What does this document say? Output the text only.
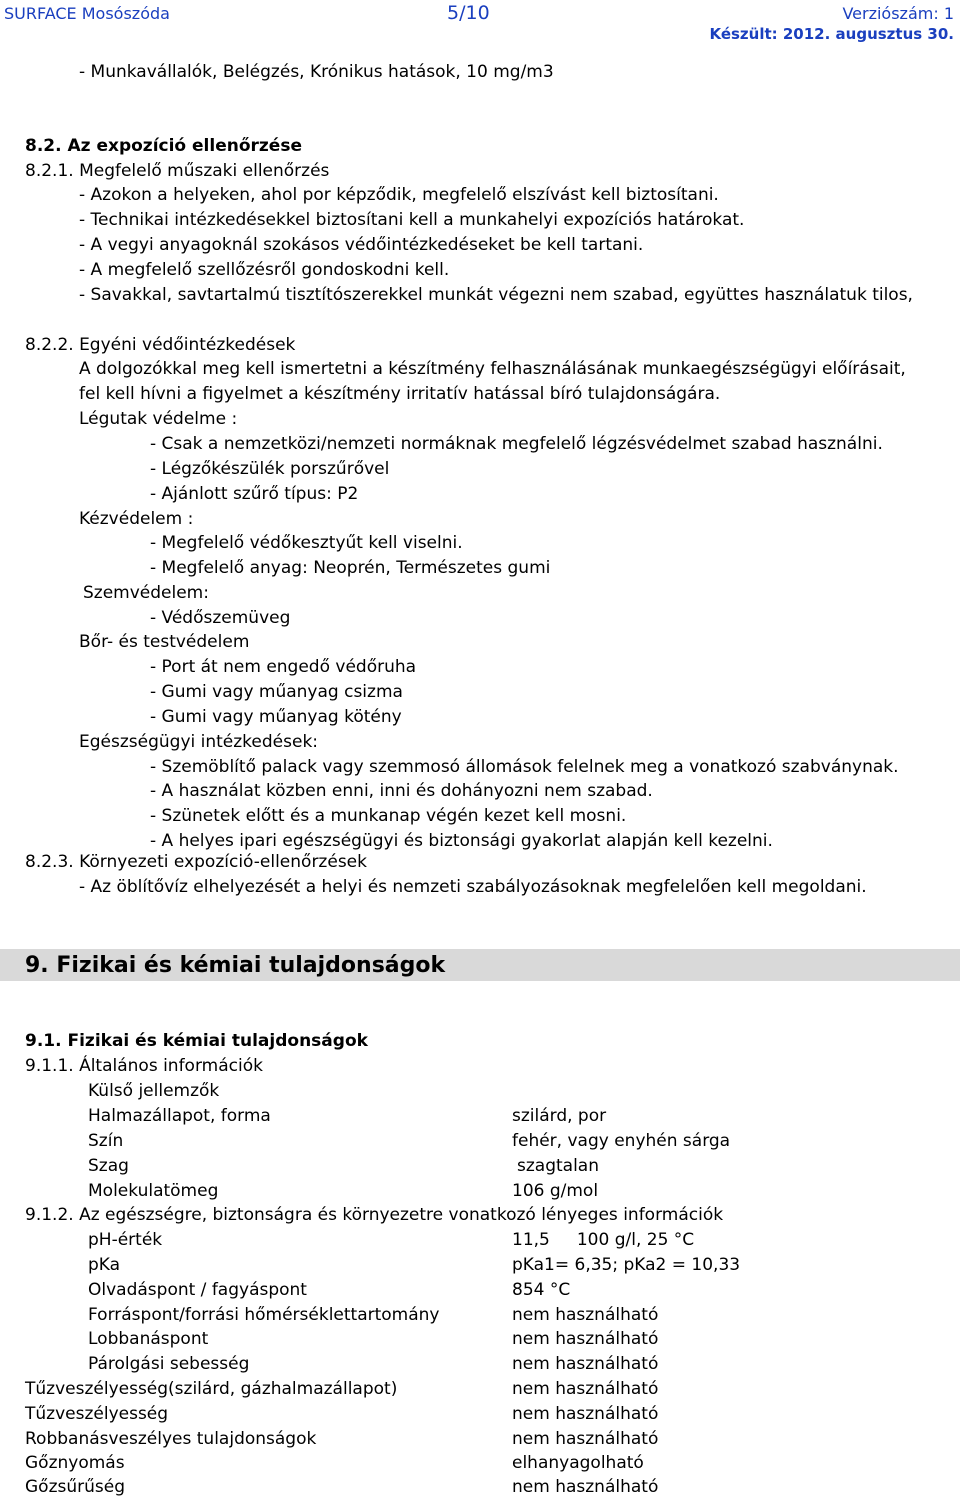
SURFACE Mosószóda	5/10	Verziószám: 1
Készült: 2012. augusztus 30.
- Munkavállalók, Belégzés, Krónikus hatások, 10 mg/m3
8.2. Az expozíció ellenőrzése
8.2.1. Megfelelő műszaki ellenőrzés
- Azokon a helyeken, ahol por képződik, megfelelő elszívást kell biztosítani.
- Technikai intézkedésekkel biztosítani kell a munkahelyi expozíciós határokat.
- A vegyi anyagoknál szokásos védőintézkedéseket be kell tartani.
- A megfelelő szellőzésről gondoskodni kell.
- Savakkal, savtartalmú tisztítószerekkel munkát végezni nem szabad, együttes használatuk tilos,
8.2.2. Egyéni védőintézkedések
A dolgozókkal meg kell ismertetni a készítmény felhasználásának munkaegészségügyi előírásait,
fel kell hívni a figyelmet a készítmény irritatív hatással bíró tulajdonságára.
Légutak védelme :
- Csak a nemzetközi/nemzeti normáknak megfelelő légzésvédelmet szabad használni.
- Légzőkészülék porszűrővel
- Ajánlott szűrő típus: P2
Kézvédelem :
- Megfelelő védőkesztyűt kell viselni.
- Megfelelő anyag: Neoprén, Természetes gumi
Szemvédelem:
- Védőszemüveg
Bőr- és testvédelem
- Port át nem engedő védőruha
- Gumi vagy műanyag csizma
- Gumi vagy műanyag kötény
Egészségügyi intézkedések:
- Szemöblítő palack vagy szemmosó állomások felelnek meg a vonatkozó szabványnak.
- A használat közben enni, inni és dohányozni nem szabad.
- Szünetek előtt és a munkanap végén kezet kell mosni.
- A helyes ipari egészségügyi és biztonsági gyakorlat alapján kell kezelni.
8.2.3. Környezeti expozíció-ellenőrzések
- Az öblítővíz elhelyezését a helyi és nemzeti szabályozásoknak megfelelően kell megoldani.
9. Fizikai és kémiai tulajdonságok
9.1. Fizikai és kémiai tulajdonságok
9.1.1. Általános információk
Külső jellemzők
Halmazállapot, forma	szilárd, por
Szín	fehér, vagy enyhén sárga
Szag	szagtalan
Molekulatömeg	106 g/mol
9.1.2. Az egészségre, biztonságra és környezetre vonatkozó lényeges információk
pH-érték	11,5     100 g/l, 25 °C
pKa	pKa1= 6,35; pKa2 = 10,33
Olvadáspont / fagyáspont	854 °C
Forráspont/forrási hőmérséklettartomány	nem használható
Lobbanáspont	nem használható
Párolgási sebesség	nem használható
Tűzveszélyesség(szilárd, gázhalmazállapot)	nem használható
Tűzveszélyesség	nem használható
Robbanásveszélyes tulajdonságok	nem használható
Gőznyomás	elhanyagolható
Gőzsűrűség	nem használható
